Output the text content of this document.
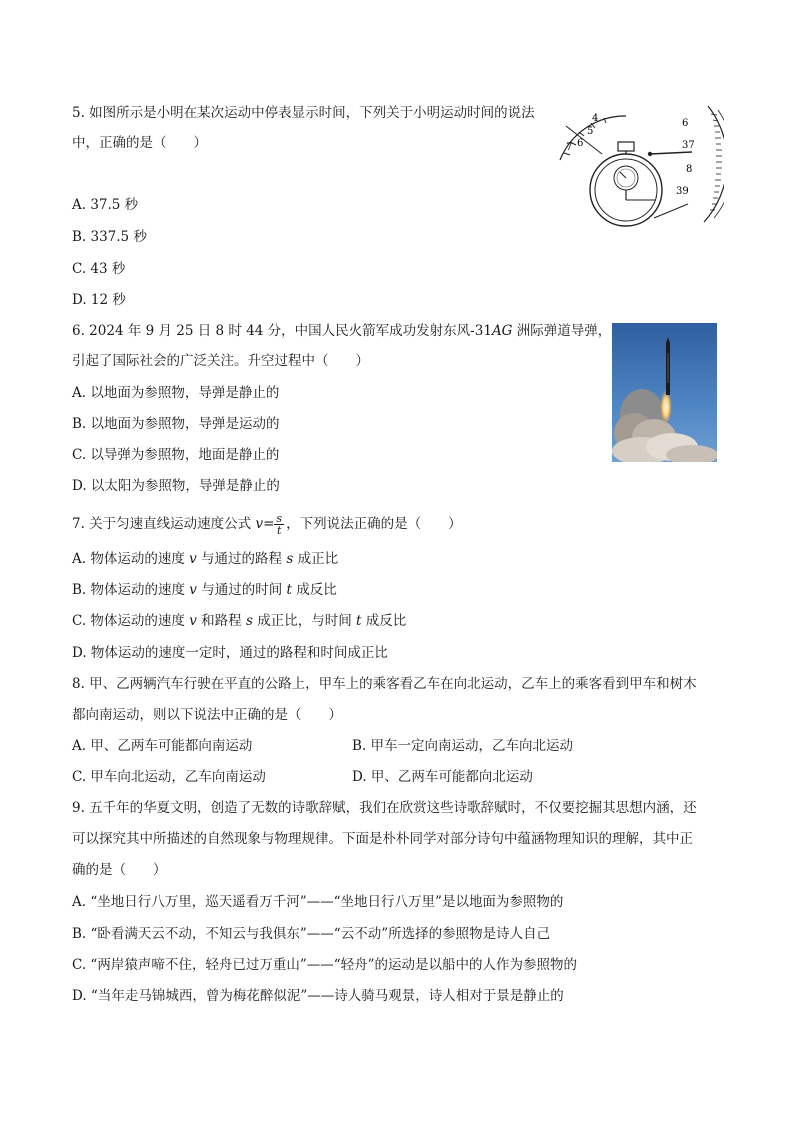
5. 如图所示是小明在某次运动中停表显示时间，下列关于小明运动时间的说法
中，正确的是（　　）
A. 37.5 秒
B. 337.5 秒
C. 43 秒
D. 12 秒
7 6
5
4	6
37
8
39
6. 2024 年 9 月 25 日 8 时 44 分，中国人民火箭军成功发射东风-31AG 洲际弹道导弹，
引起了国际社会的广泛关注。升空过程中（　　）
A. 以地面为参照物，导弹是静止的
B. 以地面为参照物，导弹是运动的
C. 以导弹为参照物，地面是静止的
D. 以太阳为参照物，导弹是静止的
7. 关于匀速直线运动速度公式 $v= \frac{s}{t}$ ，下列说法正确的是（　　）
A. 物体运动的速度 v 与通过的路程 s 成正比
B. 物体运动的速度 v 与通过的时间 t 成反比
C. 物体运动的速度 v 和路程 s 成正比，与时间 t 成反比
D. 物体运动的速度一定时，通过的路程和时间成正比
8. 甲、乙两辆汽车行驶在平直的公路上，甲车上的乘客看乙车在向北运动，乙车上的乘客看到甲车和树木
都向南运动，则以下说法中正确的是（　　）
A. 甲、乙两车可能都向南运动	B. 甲车一定向南运动，乙车向北运动
C. 甲车向北运动，乙车向南运动	D. 甲、乙两车可能都向北运动
9. 五千年的华夏文明，创造了无数的诗歌辞赋，我们在欣赏这些诗歌辞赋时，不仅要挖掘其思想内涵，还
可以探究其中所描述的自然现象与物理规律。下面是朴朴同学对部分诗句中蕴涵物理知识的理解，其中正
确的是（　　）
A. “坐地日行八万里，巡天遥看万千河”——“坐地日行八万里”是以地面为参照物的
B. “卧看满天云不动，不知云与我俱东”——“云不动”所选择的参照物是诗人自己
C. “两岸猿声啼不住，轻舟已过万重山”——“轻舟”的运动是以船中的人作为参照物的
D. “当年走马锦城西，曾为梅花醉似泥”——诗人骑马观景，诗人相对于景是静止的
